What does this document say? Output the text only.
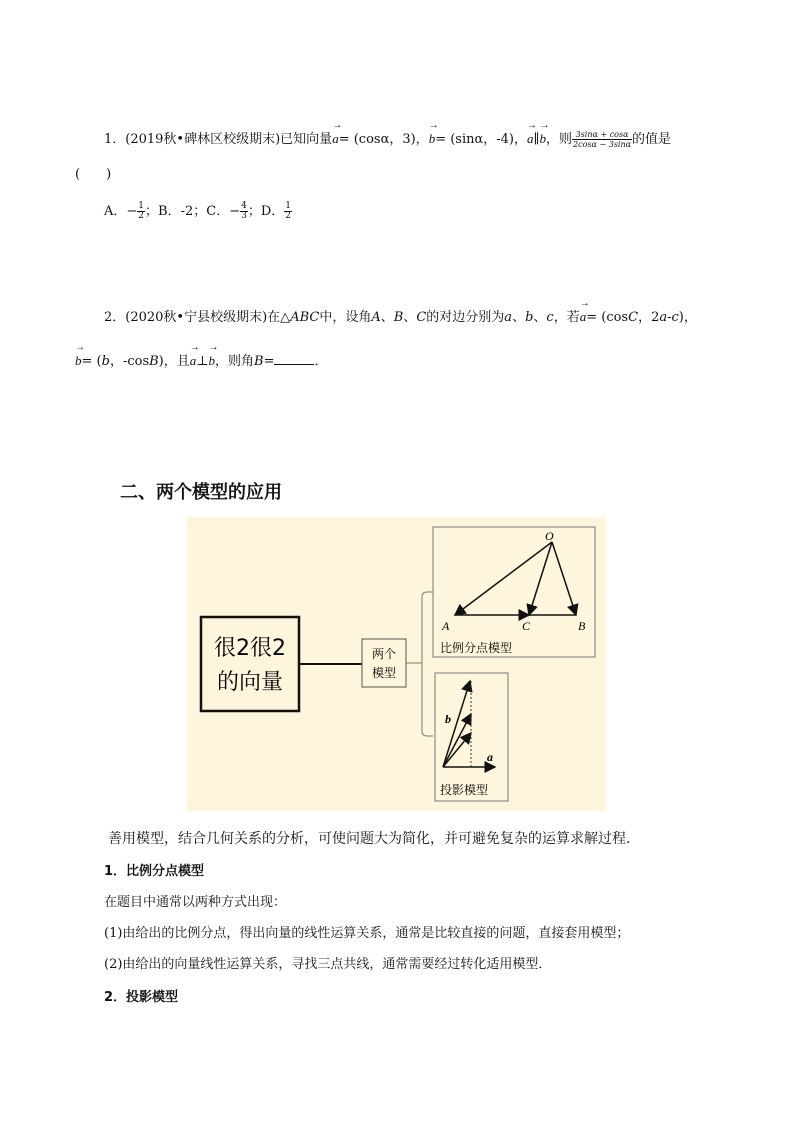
1．(2019秋•碑林区校级期末)已知向量→ a= (cosα，3)，→ b= (sinα，-4)，→ a∥→ b，则 $\frac{3\sin\alpha + \cos\alpha}{2\cos\alpha - 3\sin\alpha}$ 的值是
(　　)
A．− $\frac{1}{2}$；B．-2；C．− $\frac{4}{3}$；D． $\frac{1}{2}$
2．(2020秋•宁县校级期末)在△ABC中，设角A、B、C的对边分别为a、b、c，若→ a= (cosC，2a-c)，
→ b= (b，-cosB)，且→ a⊥→ b，则角B=	．
二、两个模型的应用
很2很2
的向量
两个
模型
O
A	C	B
比例分点模型
b
a
投影模型
善用模型，结合几何关系的分析，可使问题大为简化，并可避免复杂的运算求解过程．
1．比例分点模型
在题目中通常以两种方式出现：
(1)由给出的比例分点，得出向量的线性运算关系，通常是比较直接的问题，直接套用模型；
(2)由给出的向量线性运算关系，寻找三点共线，通常需要经过转化适用模型．
2．投影模型
